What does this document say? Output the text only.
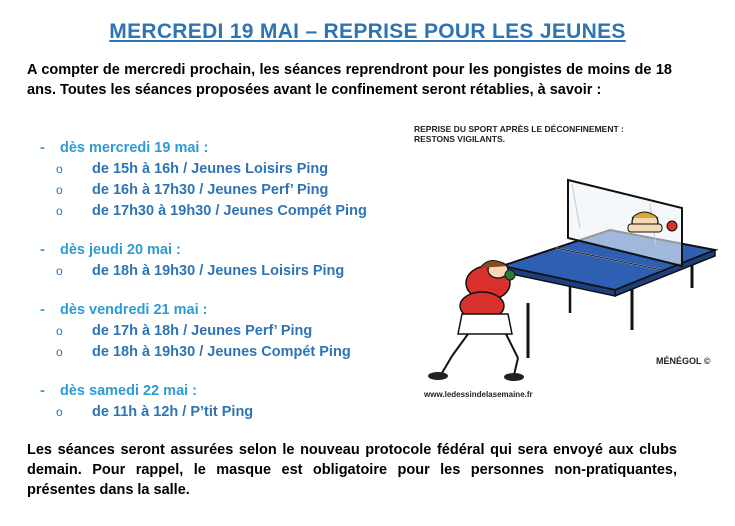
MERCREDI 19 MAI – REPRISE POUR LES JEUNES
A compter de mercredi prochain, les séances reprendront pour les pongistes de moins de 18 ans. Toutes les séances proposées avant le confinement seront rétablies, à savoir :
- dès mercredi 19 mai :
o de 15h à 16h / Jeunes Loisirs Ping
o de 16h à 17h30 / Jeunes Perf’ Ping
o de 17h30 à 19h30 / Jeunes Compét Ping
- dès jeudi 20 mai :
o de 18h à 19h30 / Jeunes Loisirs Ping
- dès vendredi 21 mai :
o de 17h à 18h / Jeunes Perf’ Ping
o de 18h à 19h30 / Jeunes Compét Ping
- dès samedi 22 mai :
o de 11h à 12h / P’tit Ping
REPRISE DU SPORT APRÈS LE DÉCONFINEMENT :
RESTONS VIGILANTS.
MÉNÉGOL ©
www.ledessindelasemaine.fr
Les séances seront assurées selon le nouveau protocole fédéral qui sera envoyé aux clubs demain. Pour rappel, le masque est obligatoire pour les personnes non-pratiquantes, présentes dans la salle.
